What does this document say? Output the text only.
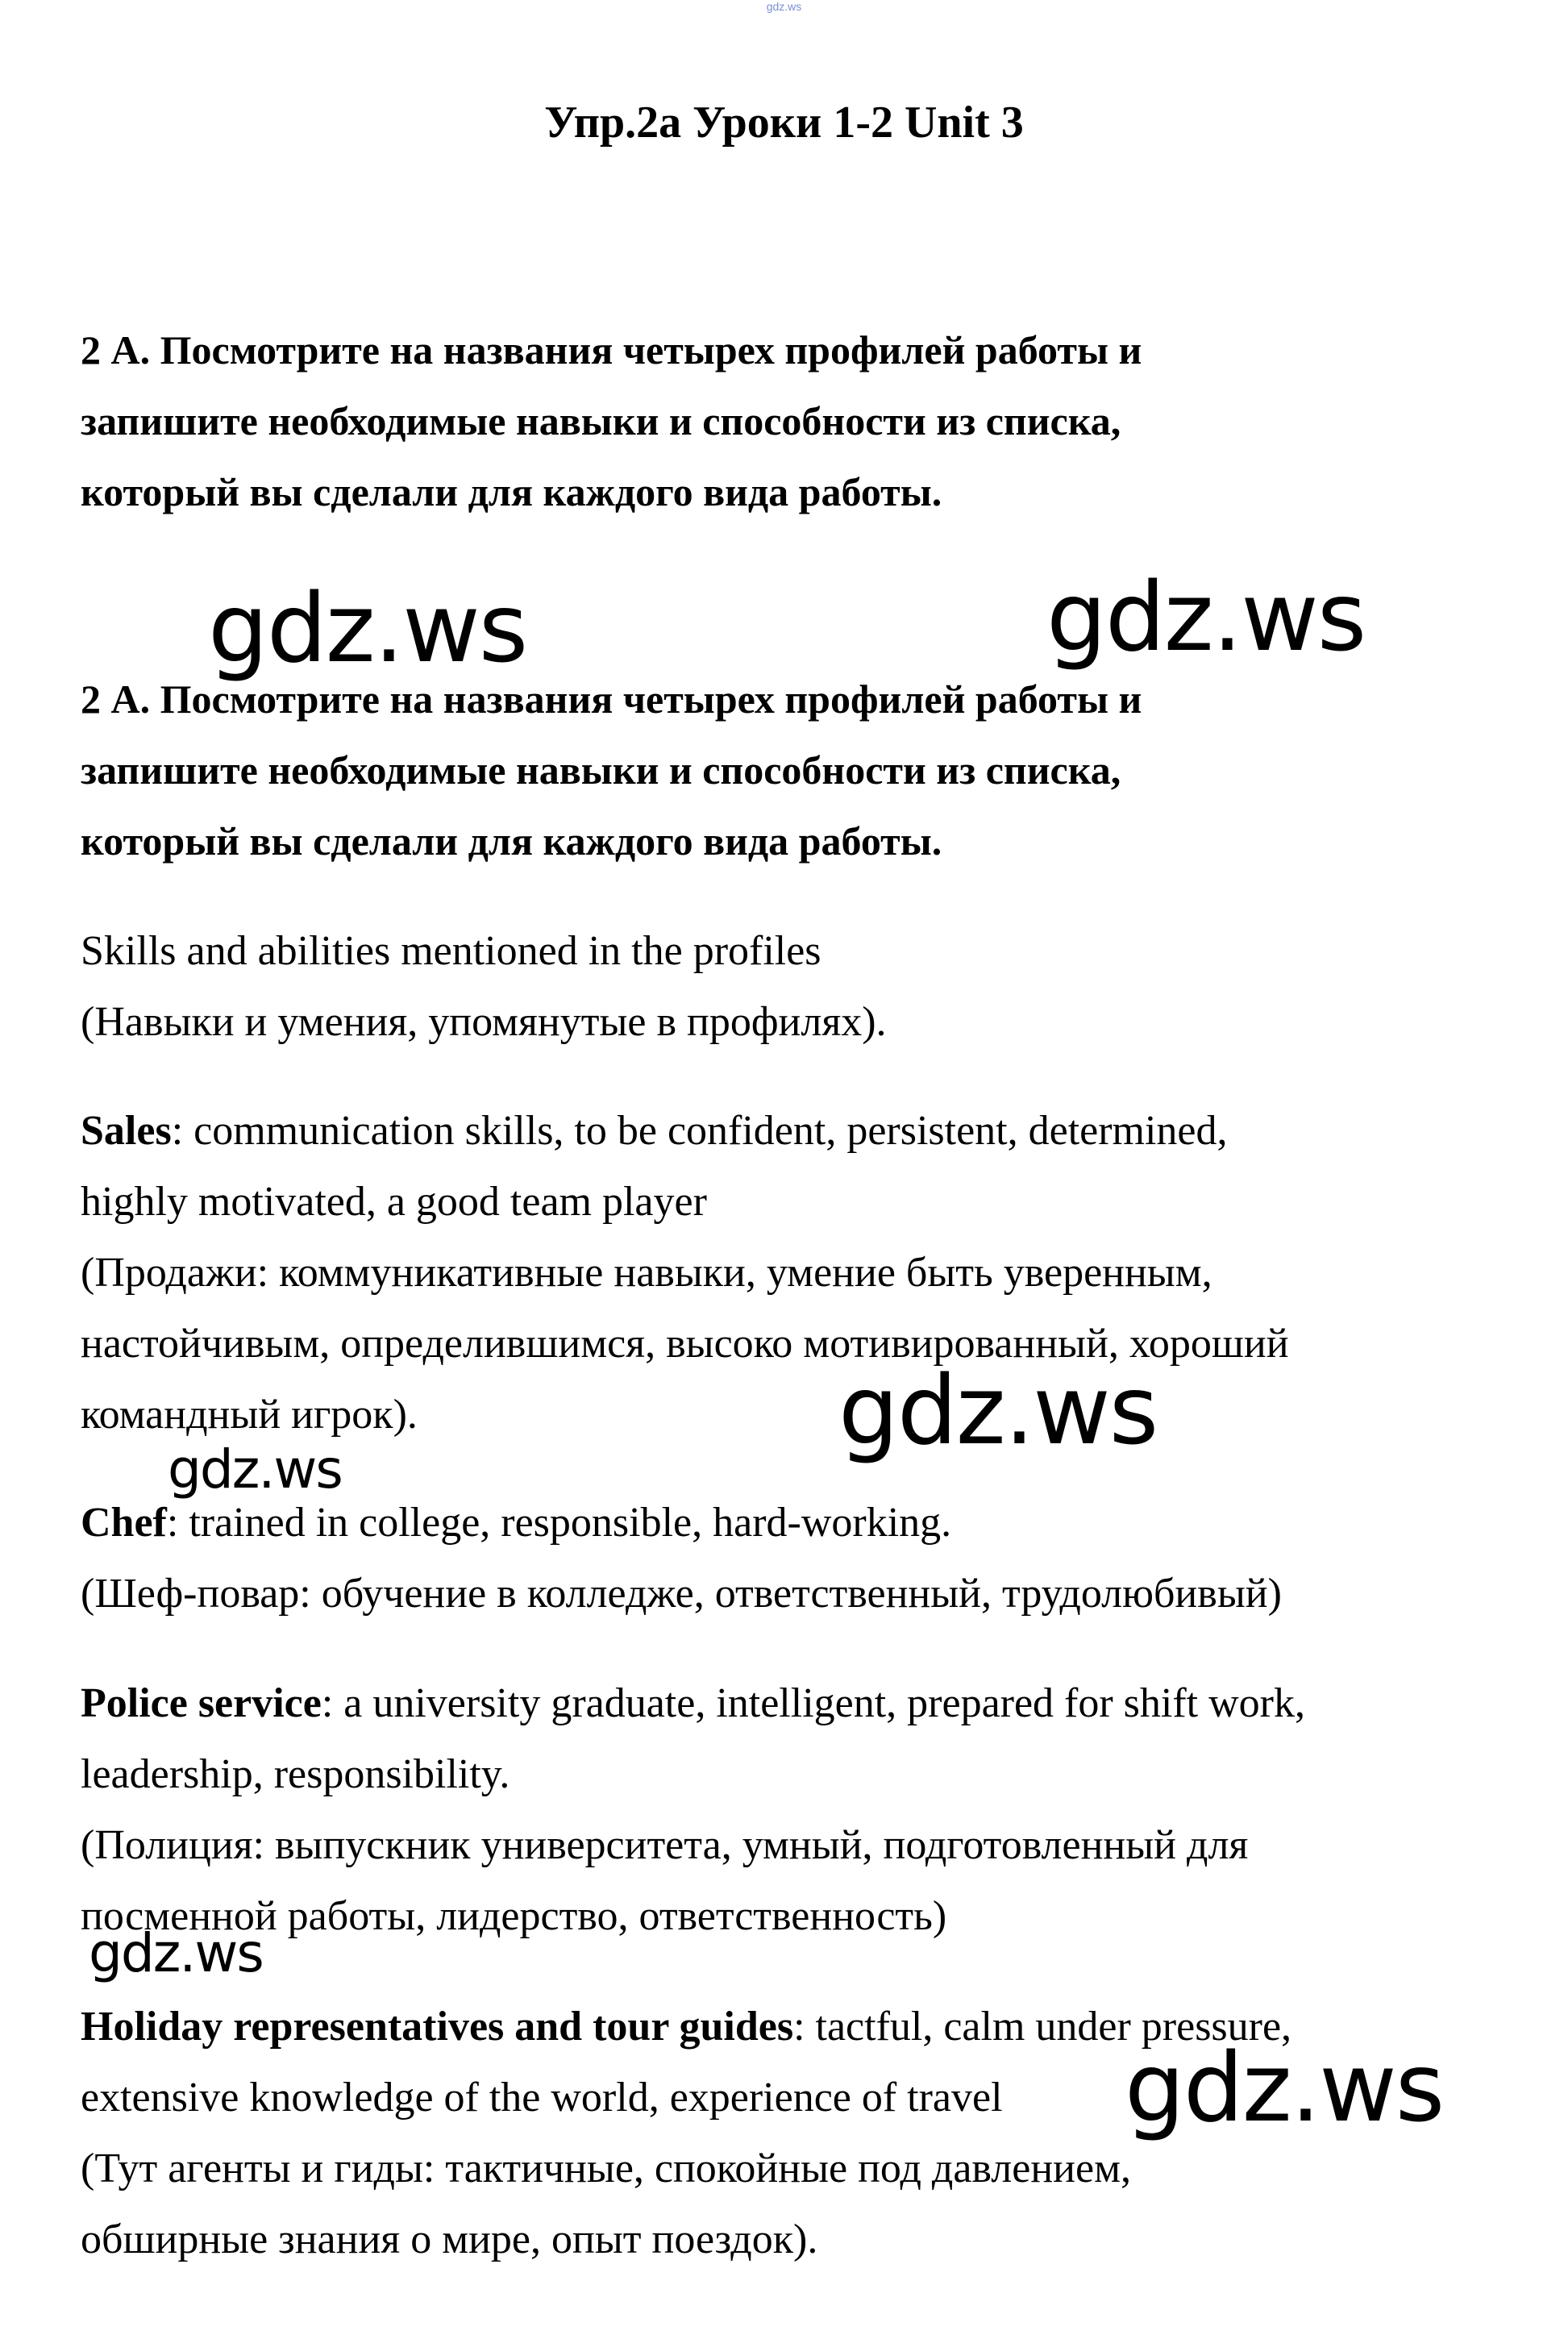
gdz.ws
Упр.2а Уроки 1-2 Unit 3

2 А. Посмотрите на названия четырех профилей работы и
запишите необходимые навыки и способности из списка,
который вы сделали для каждого вида работы.

2 А. Посмотрите на названия четырех профилей работы и
запишите необходимые навыки и способности из списка,
который вы сделали для каждого вида работы.

Skills and abilities mentioned in the profiles
(Навыки и умения, упомянутые в профилях).

Sales: communication skills, to be confident, persistent, determined,
highly motivated, a good team player
(Продажи: коммуникативные навыки, умение быть уверенным,
настойчивым, определившимся, высоко мотивированный, хороший
командный игрок).

Chef: trained in college, responsible, hard-working.
(Шеф-повар: обучение в колледже, ответственный, трудолюбивый)

Police service: a university graduate, intelligent, prepared for shift work,
leadership, responsibility.
(Полиция: выпускник университета, умный, подготовленный для
посменной работы, лидерство, ответственность)

Holiday representatives and tour guides: tactful, calm under pressure,
extensive knowledge of the world, experience of travel
(Тут агенты и гиды: тактичные, спокойные под давлением,
обширные знания о мире, опыт поездок).

gdz.ws	gdz.ws
gdz.ws
gdz.ws
gdz.ws
gdz.ws
